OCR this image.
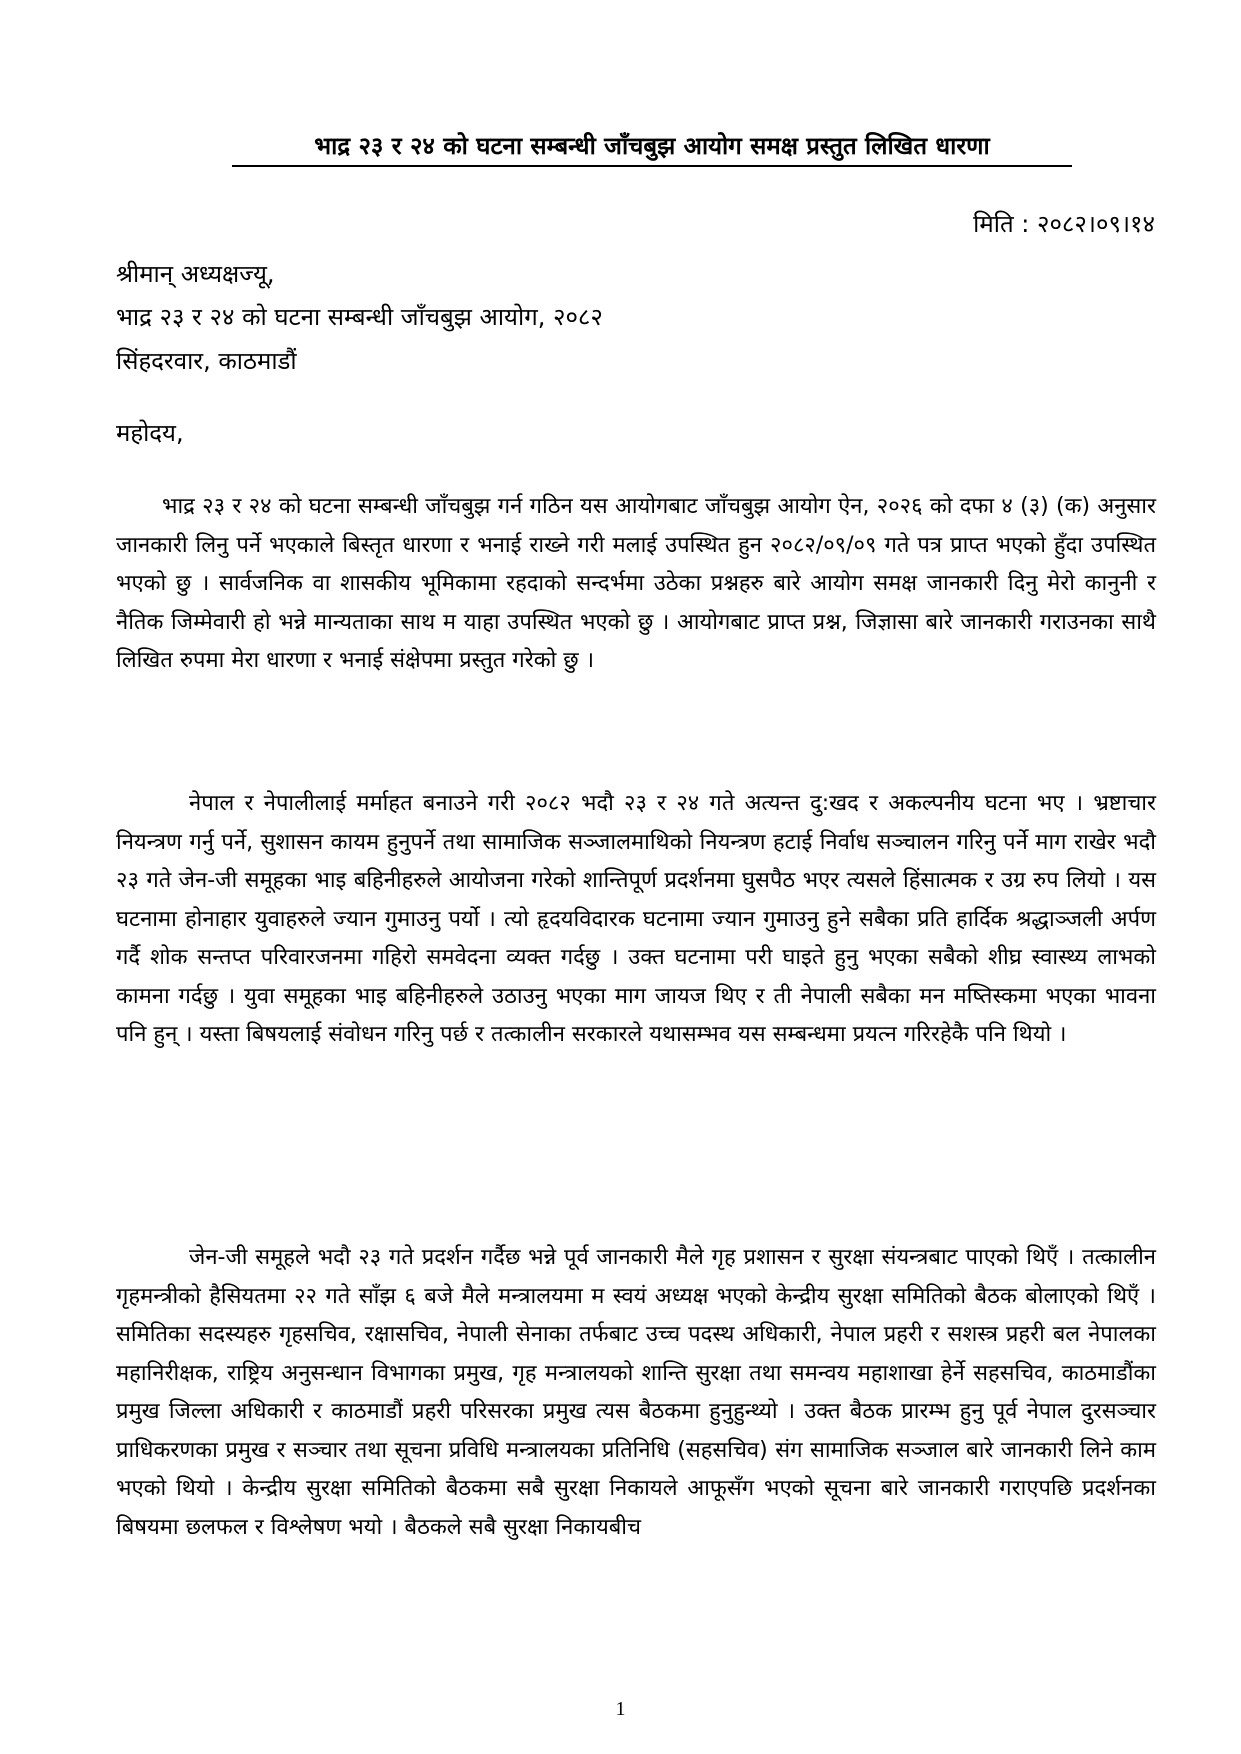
भाद्र २३ र २४ को घटना सम्बन्धी जाँचबुझ आयोग समक्ष प्रस्तुत लिखित धारणा
मिति : २०८२।०९।१४
श्रीमान् अध्यक्षज्यू,
भाद्र २३ र २४ को घटना सम्बन्धी जाँचबुझ आयोग, २०८२
सिंहदरवार, काठमाडौं
महोदय,

भाद्र २३ र २४ को घटना सम्बन्धी जाँचबुझ गर्न गठिन यस आयोगबाट जाँचबुझ आयोग ऐन, २०२६ को दफा ४ (३) (क) अनुसार जानकारी लिनु पर्ने भएकाले बिस्तृत धारणा र भनाई राख्ने गरी मलाई उपस्थित हुन २०८२/०९/०९ गते पत्र प्राप्त भएको हुँदा उपस्थित भएको छु । सार्वजनिक वा शासकीय भूमिकामा रहदाको सन्दर्भमा उठेका प्रश्नहरु बारे आयोग समक्ष जानकारी दिनु मेरो कानुनी र नैतिक जिम्मेवारी हो भन्ने मान्यताका साथ म याहा उपस्थित भएको छु । आयोगबाट प्राप्त प्रश्न, जिज्ञासा बारे जानकारी गराउनका साथै लिखित रुपमा मेरा धारणा र भनाई संक्षेपमा प्रस्तुत गरेको छु ।

नेपाल र नेपालीलाई मर्माहत बनाउने गरी २०८२ भदौ २३ र २४ गते अत्यन्त दु:खद र अकल्पनीय घटना भए । भ्रष्टाचार नियन्त्रण गर्नु पर्ने, सुशासन कायम हुनुपर्ने तथा सामाजिक सञ्जालमाथिको नियन्त्रण हटाई निर्वाध सञ्चालन गरिनु पर्ने माग राखेर भदौ २३ गते जेन-जी समूहका भाइ बहिनीहरुले आयोजना गरेको शान्तिपूर्ण प्रदर्शनमा घुसपैठ भएर त्यसले हिंसात्मक र उग्र रुप लियो । यस घटनामा होनाहार युवाहरुले ज्यान गुमाउनु पर्यो । त्यो हृदयविदारक घटनामा ज्यान गुमाउनु हुने सबैका प्रति हार्दिक श्रद्धाञ्जली अर्पण गर्दै शोक सन्तप्त परिवारजनमा गहिरो समवेदना व्यक्त गर्दछु । उक्त घटनामा परी घाइते हुनु भएका सबैको शीघ्र स्वास्थ्य लाभको कामना गर्दछु । युवा समूहका भाइ बहिनीहरुले उठाउनु भएका माग जायज थिए र ती नेपाली सबैका मन मष्तिस्कमा भएका भावना पनि हुन् । यस्ता बिषयलाई संवोधन गरिनु पर्छ र तत्कालीन सरकारले यथासम्भव यस सम्बन्धमा प्रयत्न गरिरहेकै पनि थियो ।

जेन-जी समूहले भदौ २३ गते प्रदर्शन गर्दैछ भन्ने पूर्व जानकारी मैले गृह प्रशासन र सुरक्षा संयन्त्रबाट पाएको थिएँ । तत्कालीन गृहमन्त्रीको हैसियतमा २२ गते साँझ ६ बजे मैले मन्त्रालयमा म स्वयं अध्यक्ष भएको केन्द्रीय सुरक्षा समितिको बैठक बोलाएको थिएँ । समितिका सदस्यहरु गृहसचिव, रक्षासचिव, नेपाली सेनाका तर्फबाट उच्च पदस्थ अधिकारी, नेपाल प्रहरी र सशस्त्र प्रहरी बल नेपालका महानिरीक्षक, राष्ट्रिय अनुसन्धान विभागका प्रमुख, गृह मन्त्रालयको शान्ति सुरक्षा तथा समन्वय महाशाखा हेर्ने सहसचिव, काठमाडौंका प्रमुख जिल्ला अधिकारी र काठमाडौं प्रहरी परिसरका प्रमुख त्यस बैठकमा हुनुहुन्थ्यो । उक्त बैठक प्रारम्भ हुनु पूर्व नेपाल दुरसञ्चार प्राधिकरणका प्रमुख र सञ्चार तथा सूचना प्रविधि मन्त्रालयका प्रतिनिधि (सहसचिव) संग सामाजिक सञ्जाल बारे जानकारी लिने काम भएको थियो । केन्द्रीय सुरक्षा समितिको बैठकमा सबै सुरक्षा निकायले आफूसँग भएको सूचना बारे जानकारी गराएपछि प्रदर्शनका बिषयमा छलफल र विश्लेषण भयो । बैठकले सबै सुरक्षा निकायबीच

1
